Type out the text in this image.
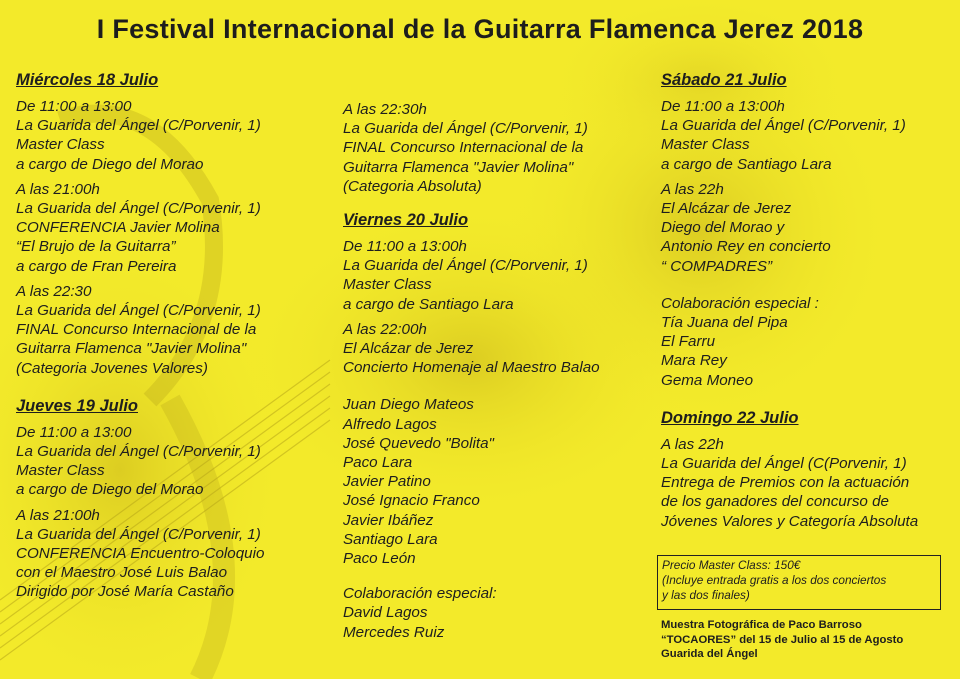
I Festival Internacional de la Guitarra Flamenca Jerez 2018
Miércoles 18 Julio
De 11:00 a 13:00
La Guarida del Ángel (C/Porvenir, 1)
Master Class
a cargo de Diego del Morao
A las 21:00h
La Guarida del Ángel (C/Porvenir, 1)
CONFERENCIA Javier Molina
“El Brujo de la Guitarra”
a cargo de Fran Pereira
A las 22:30
La Guarida del Ángel (C/Porvenir, 1)
FINAL Concurso Internacional de la
Guitarra Flamenca "Javier Molina"
(Categoria Jovenes Valores)
Jueves 19 Julio
De 11:00 a 13:00
La Guarida del Ángel (C/Porvenir, 1)
Master Class
a cargo de Diego del Morao
A las 21:00h
La Guarida del Ángel (C/Porvenir, 1)
CONFERENCIA Encuentro-Coloquio
con el Maestro José Luis Balao
Dirigido por José María Castaño
A las 22:30h
La Guarida del Ángel (C/Porvenir, 1)
FINAL Concurso Internacional de la
Guitarra Flamenca "Javier Molina"
(Categoria Absoluta)
Viernes 20 Julio
De 11:00 a 13:00h
La Guarida del Ángel (C/Porvenir, 1)
Master Class
a cargo de Santiago Lara
A las 22:00h
El Alcázar de Jerez
Concierto Homenaje al Maestro Balao
Juan Diego Mateos
Alfredo Lagos
José Quevedo "Bolita"
Paco Lara
Javier Patino
José Ignacio Franco
Javier Ibáñez
Santiago Lara
Paco León
Colaboración especial:
David Lagos
Mercedes Ruiz
Sábado 21 Julio
De 11:00 a 13:00h
La Guarida del Ángel (C/Porvenir, 1)
Master Class
a cargo de Santiago Lara
A las 22h
El Alcázar de Jerez
Diego del Morao y
Antonio Rey en concierto
“ COMPADRES”
Colaboración especial :
Tía Juana del Pipa
El Farru
Mara Rey
Gema Moneo
Domingo 22 Julio
A las 22h
La Guarida del Ángel (C(Porvenir, 1)
Entrega de Premios con la actuación
de los ganadores del concurso de
Jóvenes Valores y Categoría Absoluta
Precio Master Class: 150€
(Incluye entrada gratis a los dos conciertos
y las dos finales)
Muestra Fotográfica de Paco Barroso
“TOCAORES” del 15 de Julio al 15 de Agosto
Guarida del Ángel
